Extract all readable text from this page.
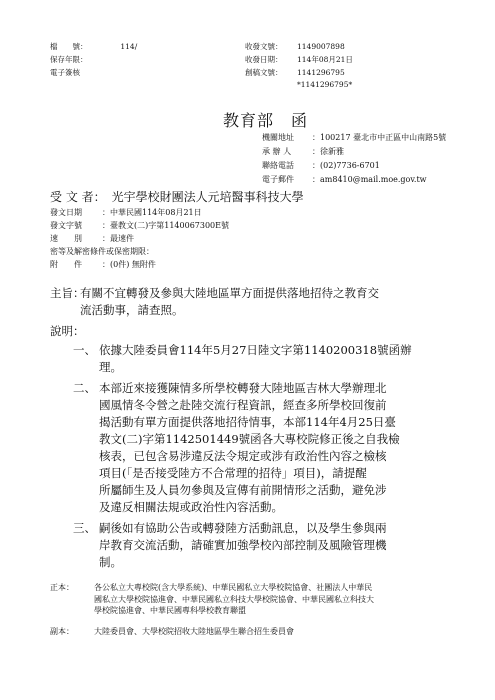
檔　　號：	114/
保存年限：
電子簽核
收發文號： 1149007898
收發日期： 114年08月21日
創稿文號： 1141296795
*1141296795*
教育部　函
機關地址 ：100217 臺北市中正區中山南路5號
承 辦 人	：徐新雅
聯絡電話 ：(02)7736-6701
電子郵件 ：am8410@mail.moe.gov.tw
受 文 者： 光宇學校財團法人元培醫事科技大學
發文日期	：中華民國114年08月21日
發文字號	：臺教文(二)字第1140067300E號
速　　別	：最速件
密等及解密條件或保密期限：
附　　件	：(0件) 無附件
主旨：
有關不宜轉發及參與大陸地區單方面提供落地招待之教育交
流活動事，請查照。
說明：
一、 依據大陸委員會114年5月27日陸文字第1140200318號函辦
理。
二、 本部近來接獲陳情多所學校轉發大陸地區吉林大學辦理北
國風情冬令營之赴陸交流行程資訊，經查多所學校回復前
揭活動有單方面提供落地招待情事，本部114年4月25日臺
教文(二)字第1142501449號函各大專校院修正後之自我檢
核表，已包含易涉違反法令規定或涉有政治性內容之檢核
項目(「是否接受陸方不合常理的招待」項目)，請提醒
所屬師生及人員勿參與及宣傳有前開情形之活動，避免涉
及違反相關法規或政治性內容活動。
三、 嗣後如有協助公告或轉發陸方活動訊息，以及學生參與兩
岸教育交流活動，請確實加強學校內部控制及風險管理機
制。
正本：	各公私立大專校院(含大學系統)、中華民國私立大學校院協會、社團法人中華民
國私立大學校院協進會、中華民國私立科技大學校院協會、中華民國私立科技大
學校院協進會、中華民國專科學校教育聯盟
副本：	大陸委員會、大學校院招收大陸地區學生聯合招生委員會
